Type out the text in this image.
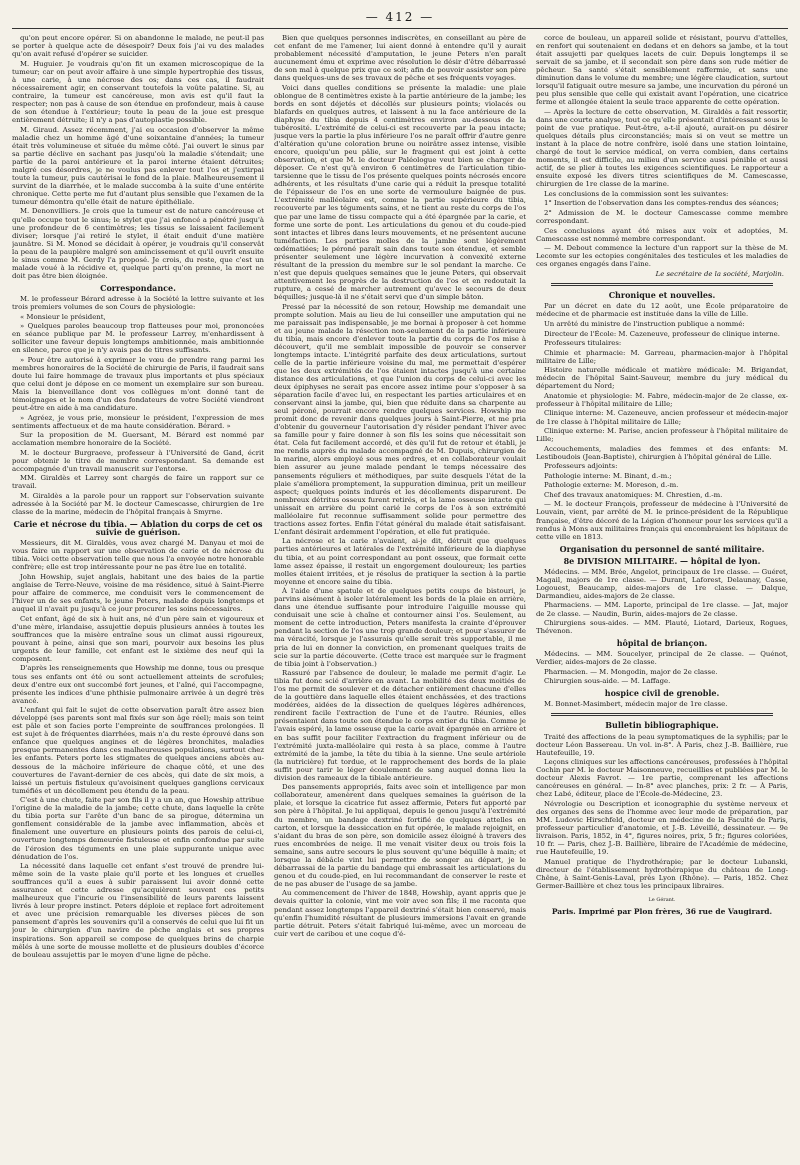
— 412 —

qu'on peut encore opérer. Si on abandonne le malade, ne peut-il pas se porter à quelque acte de désespoir? Deux fois j'ai vu des malades qu'on avait refusé d'opérer se suicider.

M. Huguier. Je voudrais qu'on fit un examen microscopique de la tumeur; car on peut avoir affaire à une simple hypertrophie des tissus, à une carie, à une nécrose des os; dans ces cas, il faudrait nécessairement agir, en conservant toutefois la voûte palatine. Si, au contraire, la tumeur est cancéreuse, mon avis est qu'il faut la respecter; non pas à cause de son étendue en profondeur, mais à cause de son étendue à l'extérieur; toute la peau de la joue est presque entièrement détruite; il n'y a pas d'autoplastie possible.

M. Giraud. Assez récemment, j'ai eu occasion d'observer la même maladie chez un homme âgé d'une soixantaine d'années; la tumeur était très volumineuse et située du même côté. J'ai ouvert le sinus par sa partie déclive en sachant pas jusqu'où la maladie s'étendait; une partie de la paroi antérieure et la paroi interne étaient détruites; malgré ces désordres, je ne voulus pas enlever tout l'os et j'extirpai toute la tumeur, puis cautérisai le fond de la plaie. Malheureusement il survint de la diarrhée, et le malade succomba à la suite d'une entérite chronique. Cette perte me fut d'autant plus sensible que l'examen de la tumeur démontra qu'elle était de nature épithéliale.

M. Denonvilliers. Je crois que la tumeur est de nature cancéreuse et qu'elle occupe tout le sinus; le stylet que j'ai enfoncé a pénétré jusqu'à une profondeur de 6 centimètres; les tissus se laissaient facilement diviser; lorsque j'ai retiré le stylet, il était enduit d'une matière jaunâtre. Si M. Monod se décidait à opérer, je voudrais qu'il conservât la peau de la paupière malgré son amincissement et qu'il ouvrît ensuite le sinus comme M. Gerdy l'a proposé. Je crois, du reste, que c'est un malade voué à la récidive et, quelque parti qu'on prenne, la mort ne doit pas être bien éloignée.

Correspondance.

M. le professeur Bérard adresse à la Société la lettre suivante et les trois premiers volumes de son Cours de physiologie:

« Monsieur le président,

» Quelques paroles beaucoup trop flatteuses pour moi, prononcées en séance publique par M. le professeur Larrey, m'enhardissent à solliciter une faveur depuis longtemps ambitionnée, mais ambitionnée en silence, parce que je n'y avais pas de titres suffisants.

» Pour être autorisé à exprimer le vœu de prendre rang parmi les membres honoraires de la Société de chirurgie de Paris, il faudrait sans doute lui faire hommage de travaux plus importants et plus spéciaux que celui dont je dépose en ce moment un exemplaire sur son bureau. Mais la bienveillance dont vos collègues m'ont donné tant de témoignages et le nom d'un des fondateurs de votre Société viendront peut-être en aide à ma candidature.

» Agréez, je vous prie, monsieur le président, l'expression de mes sentiments affectueux et de ma haute considération. Bérard. »

Sur la proposition de M. Guersant, M. Bérard est nommé par acclamation membre honoraire de la Société.

M. le docteur Burgraeve, professeur à l'Université de Gand, écrit pour obtenir le titre de membre correspondant. Sa demande est accompagnée d'un travail manuscrit sur l'entorse.

MM. Giraldès et Larrey sont chargés de faire un rapport sur ce travail.

M. Giraldès a la parole pour un rapport sur l'observation suivante adressée à la Société par M. le docteur Camescasse, chirurgien de 1re classe de la marine, médecin de l'hôpital français à Smyrne.

Carie et nécrose du tibia. — Ablation du corps de cet os suivie de guérison.

Messieurs, dit M. Giraldès, vous avez chargé M. Danyau et moi de vous faire un rapport sur une observation de carie et de nécrose du tibia. Voici cette observation telle que nous l'a envoyée notre honorable confrère; elle est trop intéressante pour ne pas être lue en totalité.

John Howship, sujet anglais, habitant une des baies de la partie anglaise de Terre-Neuve, voisine de ma résidence, situé à Saint-Pierre pour affaire de commerce, me conduisit vers le commencement de l'hiver un de ses enfants, le jeune Peters, malade depuis longtemps et auquel il n'avait pu jusqu'à ce jour procurer les soins nécessaires.

Cet enfant, âgé de six à huit ans, né d'un père sain et vigoureux et d'une mère, irlandaise, assujettie depuis plusieurs années à toutes les souffrances que la misère entraîne sous un climat aussi rigoureux, pouvant à peine, ainsi que son mari, pourvoir aux besoins les plus urgents de leur famille, cet enfant est le sixième des neuf qui la composent.

D'après les renseignements que Howship me donne, tous ou presque tous ses enfants ont été ou sont actuellement atteints de scrofules; deux d'entre eux ont succombé fort jeunes, et l'aîné, qui l'accompagne, présente les indices d'une phthisie pulmonaire arrivée à un degré très avancé.

L'enfant qui fait le sujet de cette observation paraît être assez bien développé (ses parents sont mal fixés sur son âge réel); mais son teint est pâle et son facies porte l'empreinte de souffrances prolongées. Il est sujet à de fréquentes diarrhées, mais n'a du reste éprouvé dans son enfance que quelques angines et de légères bronchites, maladies presque permanentes dans ces malheureuses populations, surtout chez les enfants. Peters porte les stigmates de quelques anciens abcès au-dessous de la mâchoire inférieure de chaque côté, et une des couvertures de l'avant-dernier de ces abcès, qui date de six mois, a laissé un pertuis fistuleux qu'avoisinent quelques ganglions cervicaux tuméfiés et un décollement peu étendu de la peau.

C'est à une chute, faite par son fils il y a un an, que Howship attribue l'origine de la maladie de la jambe; cette chute, dans laquelle la crête du tibia porta sur l'arête d'un banc de sa pirogue, détermina un gonflement considérable de la jambe avec inflammation, abcès et finalement une ouverture en plusieurs points des parois de celui-ci, ouverture longtemps demeurée fistuleuse et enfin confondue par suite de l'érosion des téguments en une plaie suppurante unique avec dénudation de l'os.

La nécessité dans laquelle cet enfant s'est trouvé de prendre lui-même soin de la vaste plaie qu'il porte et les longues et cruelles souffrances qu'il a eues à subir paraissent lui avoir donné cette assurance et cette adresse qu'acquièrent souvent ces petits malheureux que l'incurie ou l'insensibilité de leurs parents laissent livrés à leur propre instinct. Peters déploie et replace fort adroitement et avec une précision remarquable les diverses pièces de son pansement d'après les souvenirs qu'il a conservés de celui que lui fit un jour le chirurgien d'un navire de pêche anglais et ses propres inspirations. Son appareil se compose de quelques brins de charpie mêlés à une sorte de mousse mollette et de plusieurs doubles d'écorce de bouleau assujettis par le moyen d'une ligne de pêche.

Bien que quelques personnes indiscrètes, en conseillant au père de cet enfant de me l'amener, lui aient donné à entendre qu'il y aurait probablement nécessité d'amputation, le jeune Peters n'en paraît aucunement ému et exprime avec résolution le désir d'être débarrassé de son mal à quelque prix que ce soit; afin de pouvoir assister son père dans quelques-uns de ses travaux de pêche et ses fréquents voyages.

Voici dans quelles conditions se présente la maladie: une plaie oblongue de 8 centimètres existe à la partie antérieure de la jambe; les bords en sont déjetés et décollés sur plusieurs points; violacés ou blafards en quelques autres, et laissent à nu la face antérieure de la diaphyse du tibia depuis 4 centimètres environ au-dessous de la tubérosité. L'extrémité de celui-ci est recouverte par la peau intacte; jusque vers la partie la plus inférieure l'os ne paraît offrir d'autre genre d'altération qu'une coloration brune ou noirâtre assez intense, visible encore, quoiqu'un peu pâlie, sur le fragment qui est joint à cette observation, et que M. le docteur Paléologue veut bien se charger de déposer. Ce n'est qu'à environ 6 centimètres de l'articulation tibio-tarsienne que le tissu de l'os présente quelques points nécrosés encore adhérents, et les résultats d'une carie qui a réduit la presque totalité de l'épaisseur de l'os en une sorte de vermoulure baignée de pus. L'extrémité malléolaire est, comme la partie supérieure du tibia, recouverte par les téguments sains, et ne tient au reste du corps de l'os que par une lame de tissu compacte qui a été épargnée par la carie, et forme une sorte de pont. Les articulations du genou et du coude-pied sont intactes et libres dans leurs mouvements, et ne présentent aucune tuméfaction. Les parties molles de la jambe sont légèrement œdématiées; le péroné paraît sain dans toute son étendue, et semble présenter seulement une légère incurvation à convexité externe résultant de la pression du membre sur le sol pendant la marche. Ce n'est que depuis quelques semaines que le jeune Peters, qui observait attentivement les progrès de la destruction de l'os et en redoutait la rupture, a cessé de marcher autrement qu'avec le secours de deux béquilles; jusque-là il ne s'était servi que d'un simple bâton.

Pressé par la nécessité de son retour, Howship me demandait une prompte solution. Mais au lieu de lui conseiller une amputation qui ne me paraissait pas indispensable, je me bornai à proposer à cet homme et au jeune malade la résection non-seulement de la partie inférieure du tibia, mais encore d'enlever toute la partie du corps de l'os mise à découvert, qu'il me semblait impossible de pouvoir se conserver longtemps intacte. L'intégrité parfaite des deux articulations, surtout celle de la partie inférieure voisine du mal, me permettait d'espérer que les deux extrémités de l'os étaient intactes jusqu'à une certaine distance des articulations, et que l'union du corps de celui-ci avec les deux épiphyses ne serait pas encore assez intime pour s'opposer à sa séparation facile d'avec lui, en respectant les parties articulaires et en conservant ainsi la jambe, qui, bien que réduite dans sa charpente au seul péroné, pourrait encore rendre quelques services. Howship me promit donc de revenir dans quelques jours à Saint-Pierre, et me pria d'obtenir du gouverneur l'autorisation d'y résider pendant l'hiver avec sa famille pour y faire donner à son fils les soins que nécessitait son état. Cela fut facilement accordé, et dès qu'il fut de retour et établi, je me rendis auprès du malade accompagné de M. Dupuis, chirurgien de la marine, alors employé sous mes ordres, et en collaborateur voulait bien assurer au jeune malade pendant le temps nécessaire des pansements réguliers et méthodiques, par suite desquels l'état de la plaie s'améliora promptement, la suppuration diminua, prit un meilleur aspect; quelques points indurés et les décollements disparurent. De nombreux détritus osseux furent retirés, et la lame osseuse intacte qui unissait en arrière du point carié le corps de l'os à son extrémité malléolaire fut reconnue suffisamment solide pour permettre des tractions assez fortes. Enfin l'état général du malade était satisfaisant. L'enfant désirait ardemment l'opération, et elle fut pratiquée.

La nécrose et la carie n'avaient, ai-je dit, détruit que quelques parties antérieures et latérales de l'extrémité inférieure de la diaphyse du tibia, et au point correspondant au pont osseux, que formait cette lame assez épaisse, il restait un engorgement douloureux; les parties molles étaient irritées, et je résolus de pratiquer la section à la partie moyenne et encore saine du tibia.

À l'aide d'une spatule et de quelques petits coups de bistouri, je parvins aisément à isoler latéralement les bords de la plaie en arrière, dans une étendue suffisante pour introduire l'aiguille mousse qui conduisait une scie à chaîne et contourner ainsi l'os. Seulement, au moment de cette introduction, Peters manifesta la crainte d'éprouver pendant la section de l'os une trop grande douleur; et pour s'assurer de ma véracité, lorsque je l'assurais qu'elle serait très supportable, il me pria de lui en donner la conviction, en promenant quelques traits de scie sur la partie découverte. (Cette trace est marquée sur le fragment de tibia joint à l'observation.)

Rassuré par l'absence de douleur, le malade me permit d'agir. Le tibia fut donc scié d'arrière en avant. La mobilité des deux moitiés de l'os me permit de soulever et de détacher entièrement chacune d'elles de la gouttière dans laquelle elles étaient enchâssées, et des tractions modérées, aidées de la dissection de quelques légères adhérences, rendirent facile l'extraction de l'une et de l'autre. Réunies, elles présentaient dans toute son étendue le corps entier du tibia. Comme je l'avais espéré, la lame osseuse que la carie avait épargnée en arrière et en bas suffit pour faciliter l'extraction du fragment inférieur ou de l'extrémité juxta-malléolaire qui resta à sa place, comme à l'autre extrémité de la jambe, la tête du tibia à la sienne. Une seule artériole (la nutricière) fut tordue, et le rapprochement des bords de la plaie suffit pour tarir le léger écoulement de sang auquel donna lieu la division des rameaux de la tibiale antérieure.

Des pansements appropriés, faits avec soin et intelligence par mon collaborateur, amenèrent dans quelques semaines la guérison de la plaie, et lorsque la cicatrice fut assez affermie, Peters fut apporté par son père à l'hôpital. Je lui appliquai, depuis le genou jusqu'à l'extrémité du membre, un bandage dextriné fortifié de quelques attelles en carton, et lorsque la dessiccation en fut opérée, le malade rejoignit, en s'aidant du bras de son père, son domicile assez éloigné à travers des rues encombrées de neige. Il me venait visiter deux ou trois fois la semaine, sans autre secours le plus souvent qu'une béquille à main; et lorsque la débâcle vint lui permettre de songer au départ, je le débarrassai de la partie du bandage qui embrassait les articulations du genou et du coude-pied, en lui recommandant de conserver le reste et de ne pas abuser de l'usage de sa jambe.

Au commencement de l'hiver de 1848, Howship, ayant appris que je devais quitter la colonie, vint me voir avec son fils; il me raconta que pendant assez longtemps l'appareil dextriné s'était bien conservé, mais qu'enfin l'humidité résultant de plusieurs immersions l'avait en grande partie détruit. Peters s'était fabriqué lui-même, avec un morceau de cuir vert de caribou et une coque d'é-

corce de bouleau, un appareil solide et résistant, pourvu d'attelles, en renfort qui soutenaient en dedans et en dehors sa jambe, et la tout était assujetti par quelques lacets de cuir. Depuis longtemps il se servait de sa jambe, et il secondait son père dans son rude métier de pêcheur. Sa santé s'était sensiblement raffermie, et sans une diminution dans le volume du membre; une légère claudication, surtout lorsqu'il fatiguait outre mesure sa jambe, une incurvation du péroné un peu plus sensible que celle qui existait avant l'opération, une cicatrice ferme et allongée étaient la seule trace apparente de cette opération.

— Après la lecture de cette observation, M. Giraldès a fait ressortir, dans une courte analyse, tout ce qu'elle présentait d'intéressant sous le point de vue pratique. Peut-être, a-t-il ajouté, aurait-on pu désirer quelques détails plus circonstanciés; mais si on veut se mettre un instant à la place de notre confrère, isolé dans une station lointaine, chargé de tout le service médical, on verra combien, dans certains moments, il est difficile, au milieu d'un service aussi pénible et aussi actif, de se plier à toutes les exigences scientifiques. Le rapporteur a ensuite exposé les divers titres scientifiques de M. Camescasse, chirurgien de 1re classe de la marine.

Les conclusions de la commission sont les suivantes:

1° Insertion de l'observation dans les comptes-rendus des séances;

2° Admission de M. le docteur Camescasse comme membre correspondant.

Ces conclusions ayant été mises aux voix et adoptées, M. Camescasse est nommé membre correspondant.

— M. Debout commence la lecture d'un rapport sur la thèse de M. Lecomte sur les ectopies congénitales des testicules et les maladies de ces organes engagés dans l'aine.

Le secrétaire de la société, Marjolin.
Chronique et nouvelles.

Par un décret en date du 12 août, une École préparatoire de médecine et de pharmacie est instituée dans la ville de Lille.

Un arrêté du ministre de l'instruction publique a nommé:

Directeur de l'École: M. Cazeneuve, professeur de clinique interne.

Professeurs titulaires:

Chimie et pharmacie: M. Garreau, pharmacien-major à l'hôpital militaire de Lille;

Histoire naturelle médicale et matière médicale: M. Brigandat, médecin de l'hôpital Saint-Sauveur, membre du jury médical du département du Nord;

Anatomie et physiologie: M. Fabre, médecin-major de 2e classe, ex-professeur à l'hôpital militaire de Lille;

Clinique interne: M. Cazeneuve, ancien professeur et médecin-major de 1re classe à l'hôpital militaire de Lille;

Clinique externe: M. Parise, ancien professeur à l'hôpital militaire de Lille;

Accouchements, maladies des femmes et des enfants: M. Lestiboudois (Jean-Baptiste), chirurgien à l'hôpital général de Lille.

Professeurs adjoints:

Pathologie interne: M. Binant, d.-m.;

Pathologie externe: M. Moreson, d.-m.

Chef des travaux anatomiques: M. Chrestien, d.-m.

— M. le docteur François, professeur de médecine à l'Université de Louvain, vient, par arrêté de M. le prince-président de la République française, d'être décoré de la Légion d'honneur pour les services qu'il a rendus à Mons aux militaires français qui encombraient les hôpitaux de cette ville en 1813.

Organisation du personnel de santé militaire.
8e DIVISION MILITAIRE. — hôpital de lyon.

Médecins. — MM. Brée, Angelot, principaux de 1re classe. — Guéret, Magail, majors de 1re classe. — Durant, Laforest, Delaunay, Casse, Logouest, Beaucamp, aides-majors de 1re classe. — Dalque, Darmandieu, aides-majors de 2e classe.

Pharmaciens. — MM. Laporte, principal de 1re classe. — Jat, major de 2e classe. — Naudin, Burin, aides-majors de 2e classe.

Chirurgiens sous-aides. — MM. Plauté, Liotard, Darieux, Rogues, Thévenon.

hôpital de briançon.

Médecins. — MM. Soucelyer, principal de 2e classe. — Quénot, Verdier, aides-majors de 2e classe.

Pharmacien. — M. Mongodin, major de 2e classe.

Chirurgien sous-aide. — M. Laffage.

hospice civil de grenoble.

M. Bonnet-Masimbert, médecin major de 1re classe.

Bulletin bibliographique.

Traité des affections de la peau symptomatiques de la syphilis; par le docteur Léon Bassereau. Un vol. in-8°. À Paris, chez J.-B. Baillière, rue Hautefeuille, 19.

Leçons cliniques sur les affections cancéreuses, professées à l'hôpital Cochin par M. le docteur Maisonneuve, recueillies et publiées par M. le docteur Alexis Favrot. — 1re partie, comprenant les affections cancéreuses en général. — In-8° avec planches, prix: 2 fr. — À Paris, chez Labé, éditeur, place de l'École-de-Médecine, 23.

Névrologie ou Description et iconographie du système nerveux et des organes des sens de l'homme avec leur mode de préparation, par MM. Ludovic Hirschfeld, docteur en médecine de la Faculté de Paris, professeur particulier d'anatomie, et J.-B. Léveillé, dessinateur. — 9e livraison. Paris, 1852, in 4°, figures noires, prix, 5 fr.; figures coloriées, 10 fr. — Paris, chez J.-B. Baillière, libraire de l'Académie de médecine, rue Hautefeuille, 19.

Manuel pratique de l'hydrothérapie; par le docteur Lubanski, directeur de l'établissement hydrothérapique du château de Long-Chêne, à Saint-Genis-Laval, près Lyon (Rhône). — Paris, 1852. Chez Germer-Baillière et chez tous les principaux libraires.

Le Gérant.
Paris. Imprimé par Plon frères, 36 rue de Vaugirard.
